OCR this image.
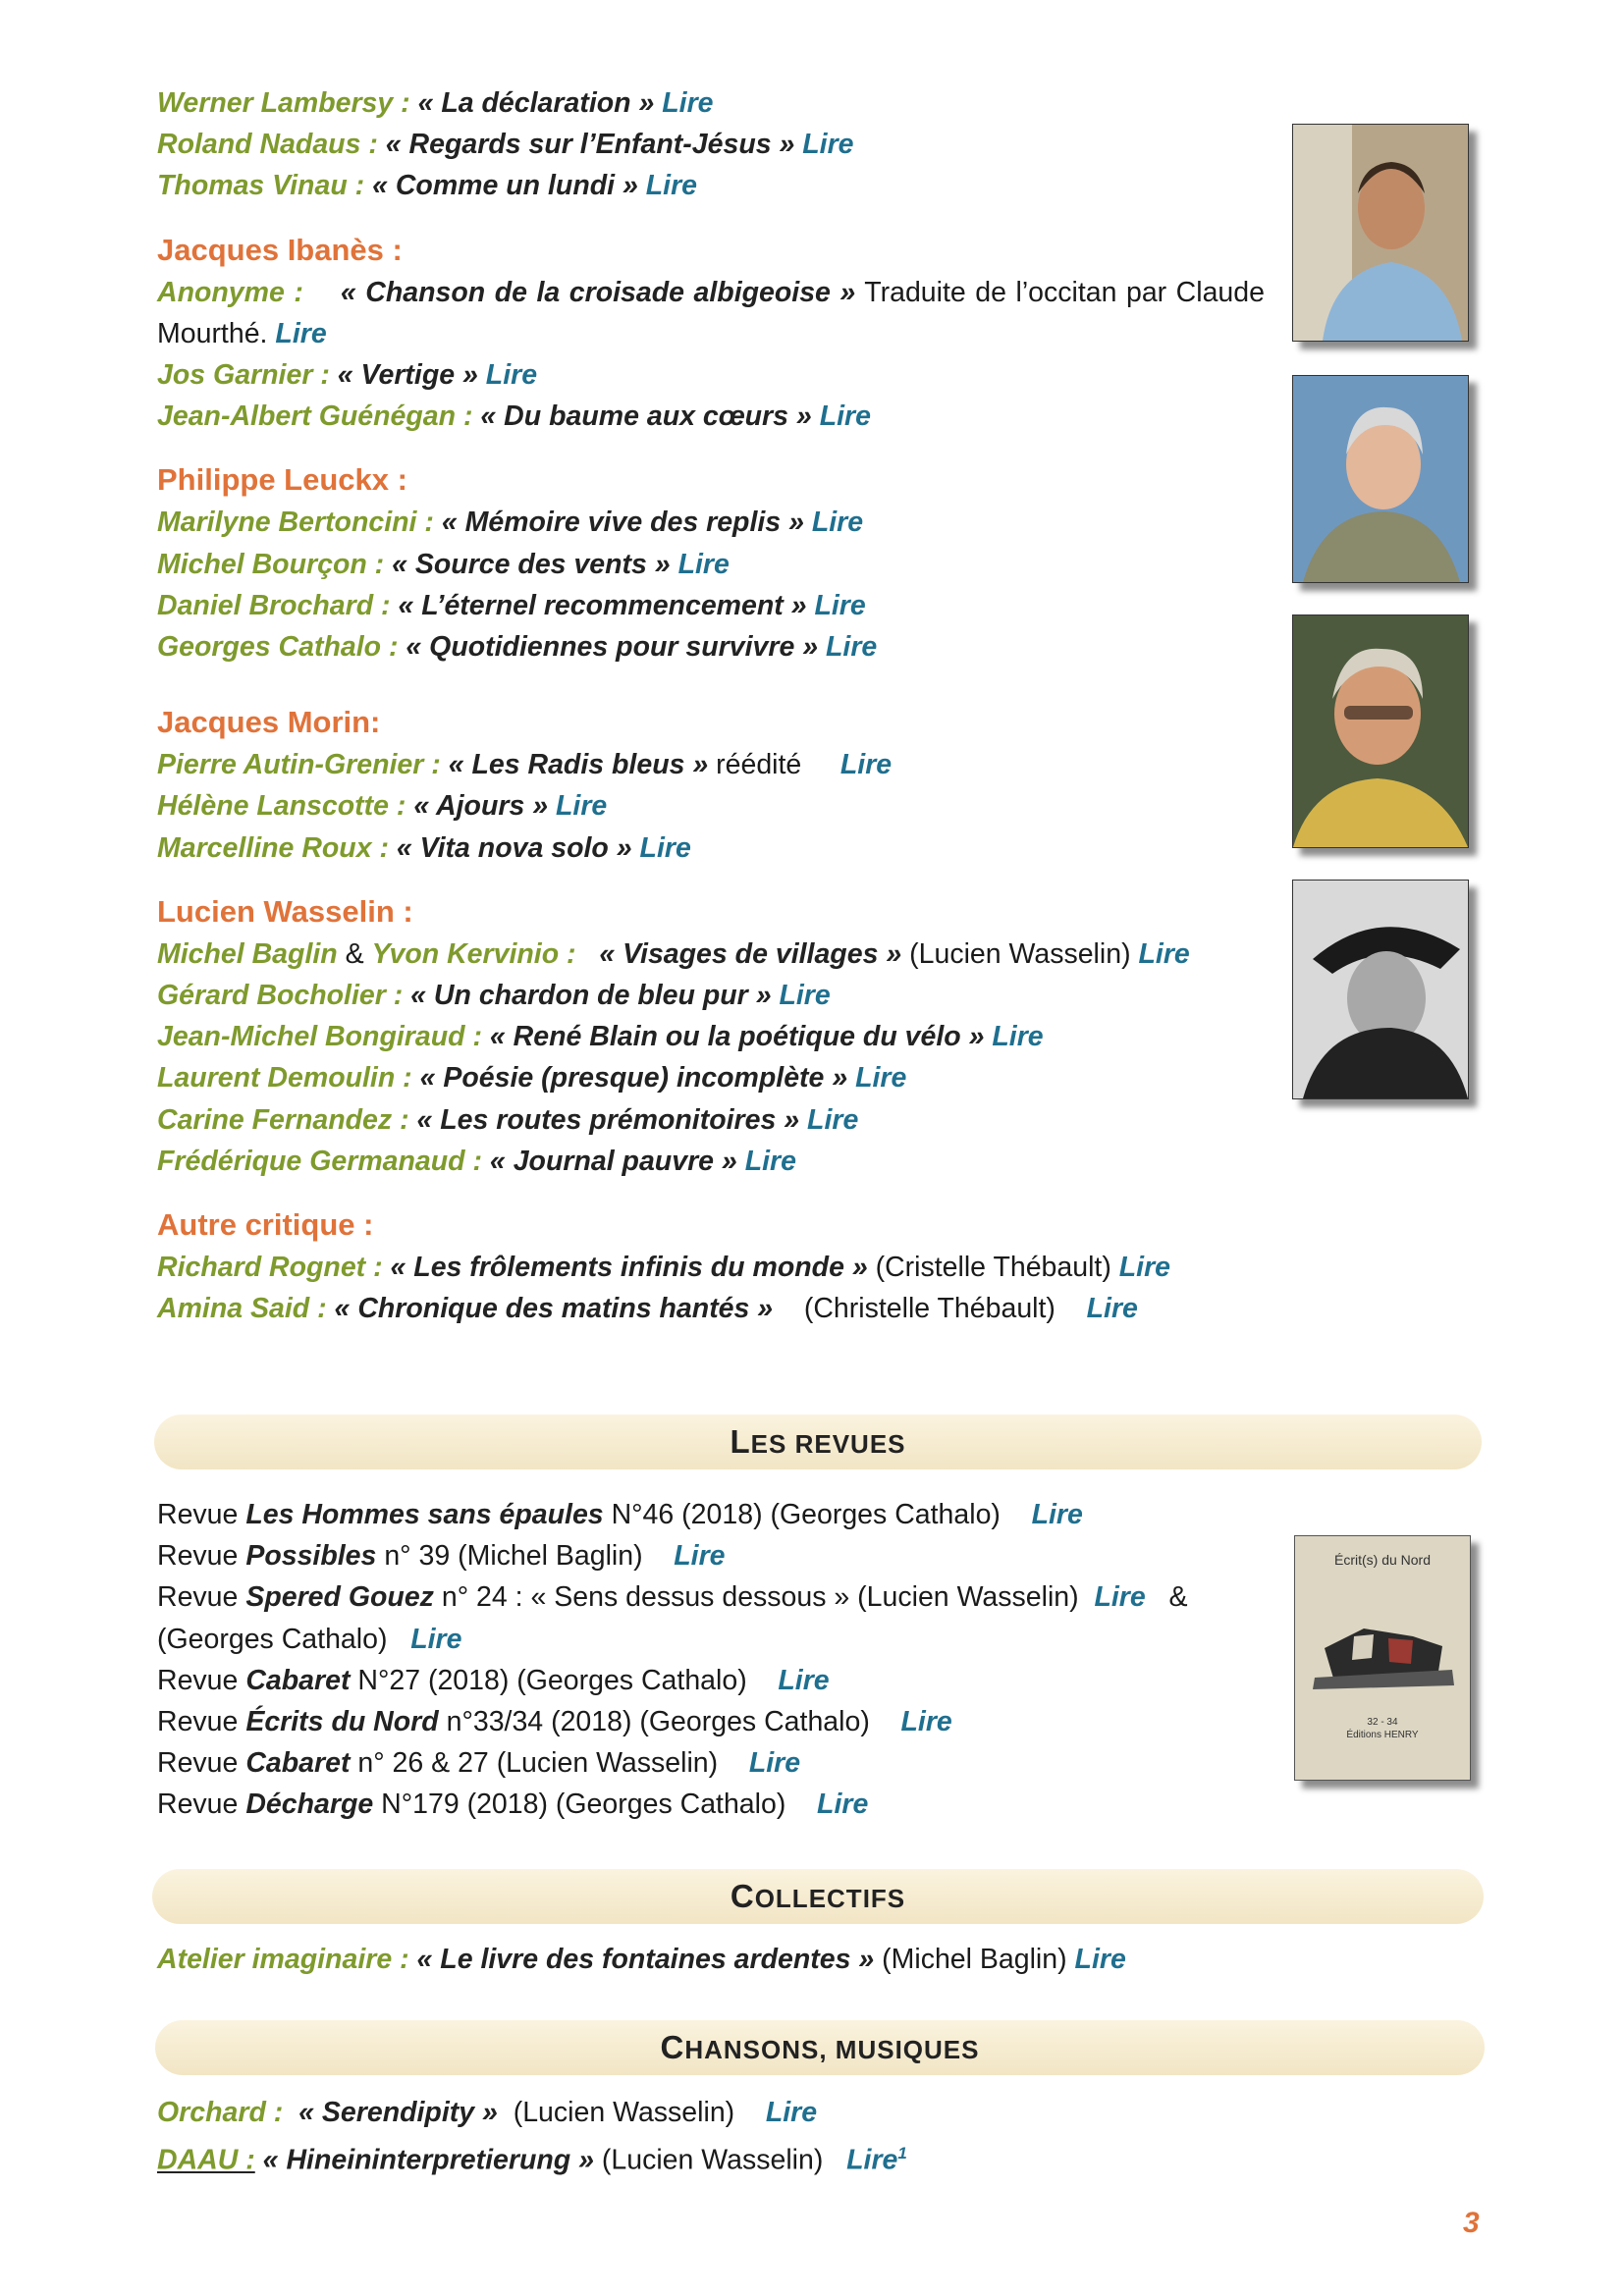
Werner Lambersy : « La déclaration » Lire
Roland Nadaus : « Regards sur l’Enfant-Jésus » Lire
Thomas Vinau : « Comme un lundi » Lire
Jacques Ibanès :
Anonyme : « Chanson de la croisade albigeoise » Traduite de l’occitan par Claude Mourthé. Lire
Jos Garnier : « Vertige » Lire
Jean-Albert Guénégan : « Du baume aux cœurs » Lire
Philippe Leuckx :
Marilyne Bertoncini : « Mémoire vive des replis » Lire
Michel Bourçon : « Source des vents » Lire
Daniel Brochard : « L’éternel recommencement » Lire
Georges Cathalo : « Quotidiennes pour survivre » Lire
Jacques Morin:
Pierre Autin-Grenier : « Les Radis bleus » réédité Lire
Hélène Lanscotte : « Ajours » Lire
Marcelline Roux : « Vita nova solo » Lire
Lucien Wasselin :
Michel Baglin & Yvon Kervinio : « Visages de villages » (Lucien Wasselin) Lire
Gérard Bocholier : « Un chardon de bleu pur » Lire
Jean-Michel Bongiraud : « René Blain ou la poétique du vélo » Lire
Laurent Demoulin : « Poésie (presque) incomplète » Lire
Carine Fernandez : « Les routes prémonitoires » Lire
Frédérique Germanaud : « Journal pauvre » Lire
Autre critique :
Richard Rognet : « Les frôlements infinis du monde » (Cristelle Thébault) Lire
Amina Said : « Chronique des matins hantés » (Christelle Thébault) Lire
LES REVUES
Revue Les Hommes sans épaules N°46 (2018) (Georges Cathalo) Lire
Revue Possibles n° 39 (Michel Baglin) Lire
Revue Spered Gouez n° 24 : « Sens dessus dessous » (Lucien Wasselin) Lire &
(Georges Cathalo) Lire
Revue Cabaret N°27 (2018) (Georges Cathalo) Lire
Revue Écrits du Nord n°33/34 (2018) (Georges Cathalo) Lire
Revue Cabaret n° 26 & 27 (Lucien Wasselin) Lire
Revue Décharge N°179 (2018) (Georges Cathalo) Lire
Écrit(s) du Nord
32 - 34
Éditions HENRY
COLLECTIFS
Atelier imaginaire : « Le livre des fontaines ardentes » (Michel Baglin) Lire
CHANSONS, MUSIQUES
Orchard : « Serendipity » (Lucien Wasselin) Lire
DAAU : « Hineininterpretierung » (Lucien Wasselin) Lire$^1$
3
